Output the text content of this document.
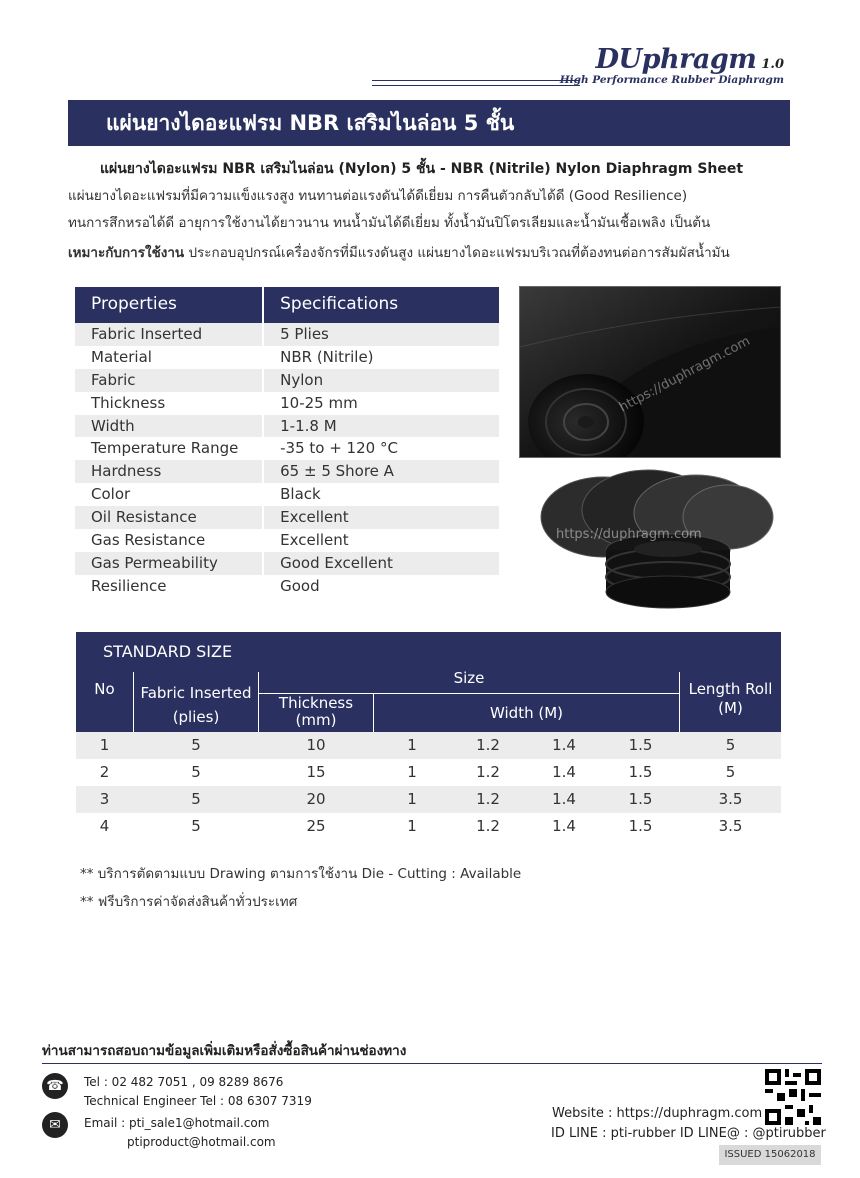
DUphragm 1.0
High Performance Rubber Diaphragm
แผ่นยางไดอะแฟรม NBR เสริมไนล่อน 5 ชั้น
แผ่นยางไดอะแฟรม NBR เสริมไนล่อน (Nylon) 5 ชั้น - NBR (Nitrile) Nylon Diaphragm Sheet
แผ่นยางไดอะแฟรมที่มีความแข็งแรงสูง ทนทานต่อแรงดันได้ดีเยี่ยม การคืนตัวกลับได้ดี (Good Resilience)
ทนการสึกหรอได้ดี อายุการใช้งานได้ยาวนาน ทนน้ำมันได้ดีเยี่ยม ทั้งน้ำมันปิโตรเลียมและน้ำมันเชื้อเพลิง เป็นต้น
เหมาะกับการใช้งาน ประกอบอุปกรณ์เครื่องจักรที่มีแรงดันสูง แผ่นยางไดอะแฟรมบริเวณที่ต้องทนต่อการสัมผัสน้ำมัน
Properties	Specifications
Fabric Inserted	5 Plies
Material	NBR (Nitrile)
Fabric	Nylon
Thickness	10-25 mm
Width	1-1.8 M
Temperature Range	-35 to + 120 °C
Hardness	65 ± 5 Shore A
Color	Black
Oil Resistance	Excellent
Gas Resistance	Excellent
Gas Permeability	Good Excellent
Resilience	Good
https://duphragm.com
https://duphragm.com
STANDARD SIZE
No	Fabric Inserted
(plies)
Size
Thickness
(mm)	Width (M)
Length Roll
(M)
1	5	10	1	1.2	1.4	1.5	5
2	5	15	1	1.2	1.4	1.5	5
3	5	20	1	1.2	1.4	1.5	3.5
4	5	25	1	1.2	1.4	1.5	3.5
** บริการตัดตามแบบ Drawing ตามการใช้งาน Die - Cutting : Available
** ฟรีบริการค่าจัดส่งสินค้าทั่วประเทศ
ท่านสามารถสอบถามข้อมูลเพิ่มเติมหรือสั่งซื้อสินค้าผ่านช่องทาง
☎	Tel : 02 482 7051 , 09 8289 8676
Technical Engineer Tel : 08 6307 7319
✉	Email : pti_sale1@hotmail.com
ptiproduct@hotmail.com
Website : https://duphragm.com
ID LINE : pti-rubber ID LINE@ : @ptirubber
ISSUED 15062018
